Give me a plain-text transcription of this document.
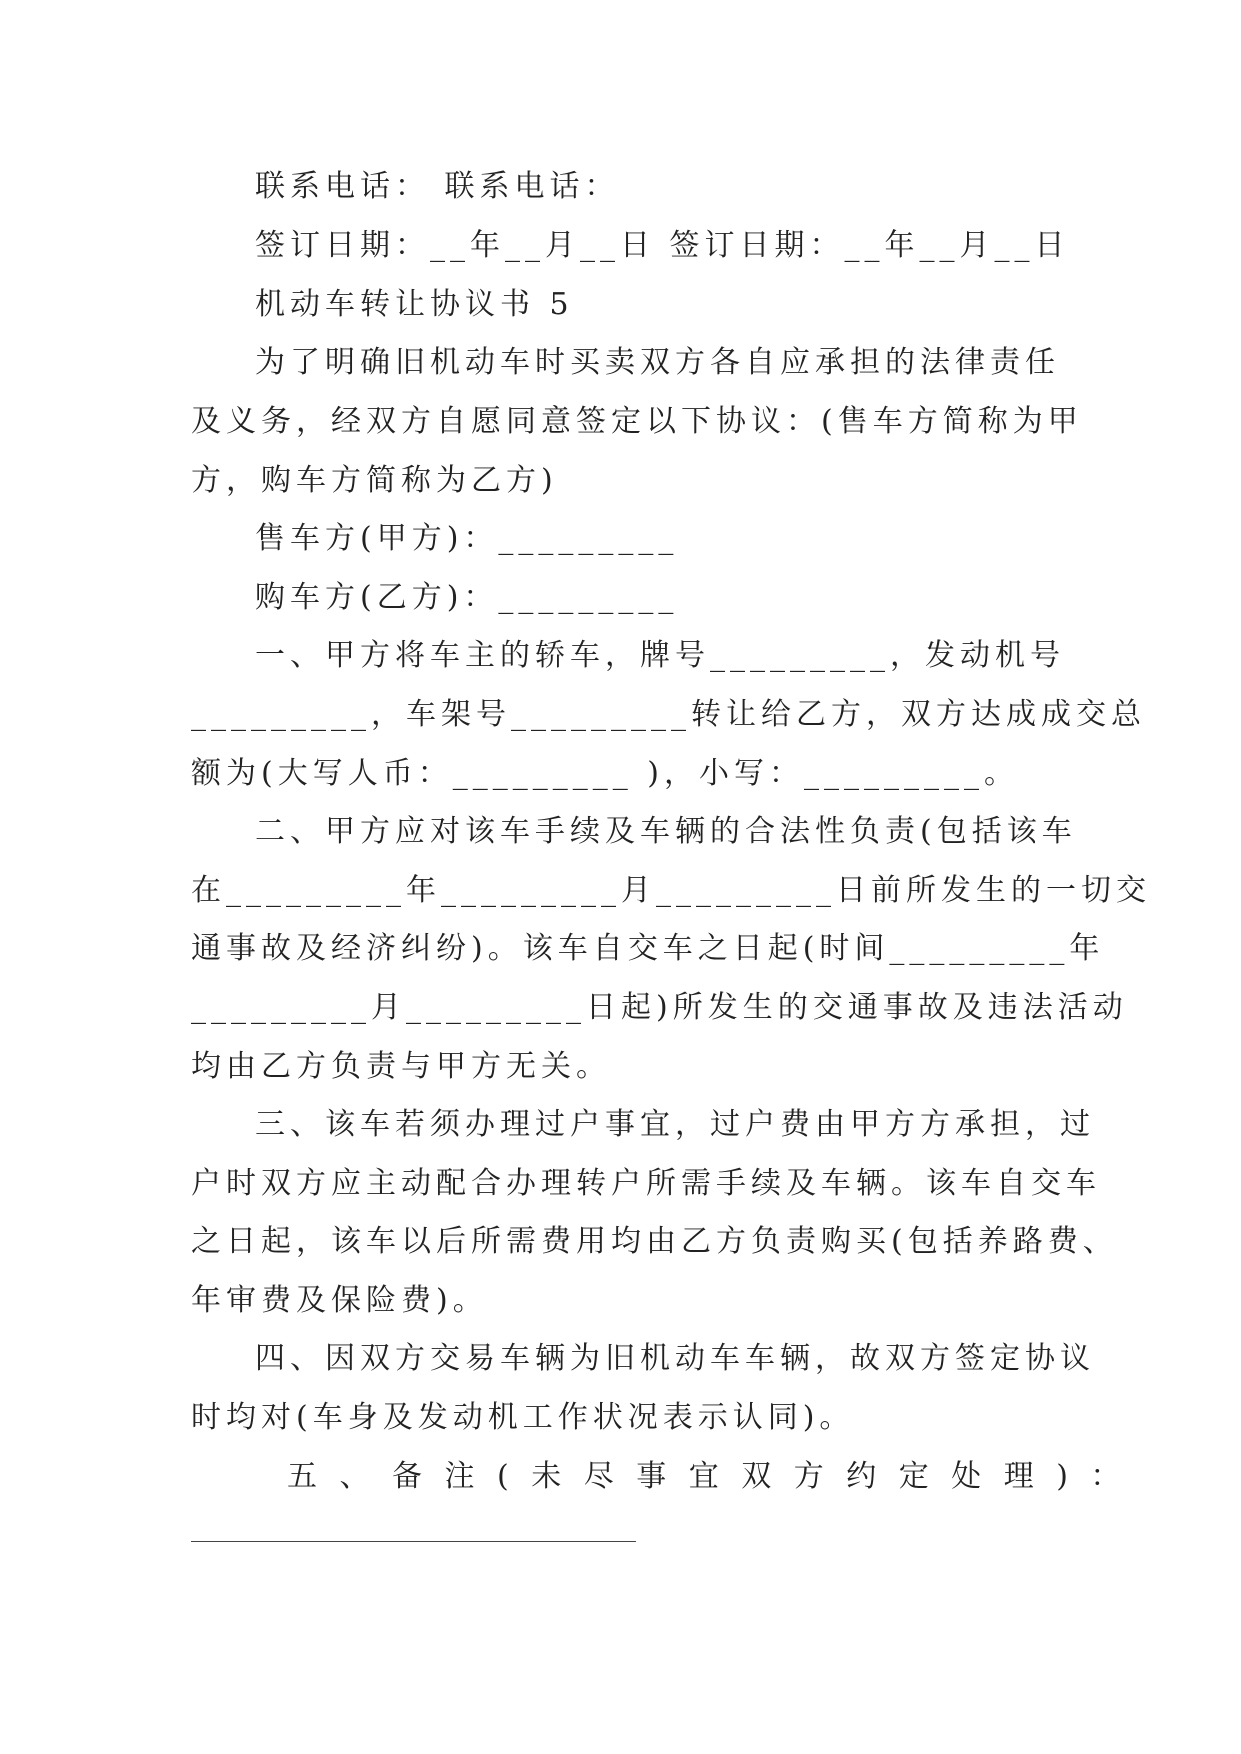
联系电话： 联系电话：
签订日期：__年__月__日 签订日期：__年__月__日
机动车转让协议书 5
为了明确旧机动车时买卖双方各自应承担的法律责任
及义务，经双方自愿同意签定以下协议：(售车方简称为甲
方，购车方简称为乙方)
售车方(甲方)：_________
购车方(乙方)：_________
一、甲方将车主的轿车，牌号_________，发动机号
_________，车架号_________转让给乙方，双方达成成交总
额为(大写人币：_________ )，小写：_________。
二、甲方应对该车手续及车辆的合法性负责(包括该车
在_________年_________月_________日前所发生的一切交
通事故及经济纠纷)。该车自交车之日起(时间_________年
_________月_________日起)所发生的交通事故及违法活动
均由乙方负责与甲方无关。
三、该车若须办理过户事宜，过户费由甲方方承担，过
户时双方应主动配合办理转户所需手续及车辆。该车自交车
之日起，该车以后所需费用均由乙方负责购买(包括养路费、
年审费及保险费)。
四、因双方交易车辆为旧机动车车辆，故双方签定协议
时均对(车身及发动机工作状况表示认同)。
五、备注(未尽事宜双方约定处理)：
